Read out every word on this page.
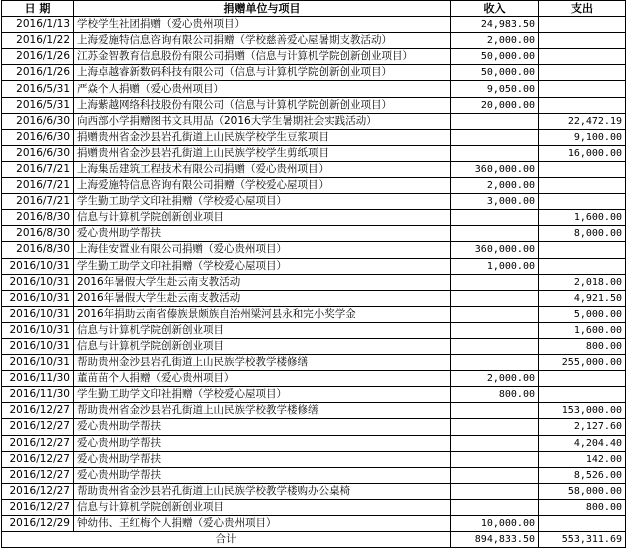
日 期	捐赠单位与项目	收入	支出
2016/1/13	学校学生社团捐赠（爱心贵州项目）	24,983.50	
2016/1/22	上海爱施特信息咨询有限公司捐赠（学校慈善爱心屋暑期支教活动）	2,000.00	
2016/1/26	江苏金智教育信息股份有限公司捐赠（信息与计算机学院创新创业项目）	50,000.00	
2016/1/26	上海卓越睿新数码科技有限公司（信息与计算机学院创新创业项目）	50,000.00	
2016/5/31	严焱个人捐赠（爱心贵州项目）	9,050.00	
2016/5/31	上海紫越网络科技股份有限公司（信息与计算机学院创新创业项目）	20,000.00	
2016/6/30	向西部小学捐赠图书文具用品（2016大学生暑期社会实践活动）		22,472.19
2016/6/30	捐赠贵州省金沙县岩孔街道上山民族学校学生豆浆项目		9,100.00
2016/6/30	捐赠贵州省金沙县岩孔街道上山民族学校学生剪纸项目		16,000.00
2016/7/21	上海集岳建筑工程技术有限公司捐赠（爱心贵州项目）	360,000.00	
2016/7/21	上海爱施特信息咨询有限公司捐赠（学校爱心屋项目）	2,000.00	
2016/7/21	学生勤工助学文印社捐赠（学校爱心屋项目）	3,000.00	
2016/8/30	信息与计算机学院创新创业项目		1,600.00
2016/8/30	爱心贵州助学帮扶		8,000.00
2016/8/30	上海佳安置业有限公司捐赠（爱心贵州项目）	360,000.00	
2016/10/31	学生勤工助学文印社捐赠（学校爱心屋项目）	1,000.00	
2016/10/31	2016年暑假大学生赴云南支教活动		2,018.00
2016/10/31	2016年暑假大学生赴云南支教活动		4,921.50
2016/10/31	2016年捐助云南省傣族景颇族自治州梁河县永和完小奖学金		5,000.00
2016/10/31	信息与计算机学院创新创业项目		1,600.00
2016/10/31	信息与计算机学院创新创业项目		800.00
2016/10/31	帮助贵州金沙县岩孔街道上山民族学校教学楼修缮		255,000.00
2016/11/30	董苗苗个人捐赠（爱心贵州项目）	2,000.00	
2016/11/30	学生勤工助学文印社捐赠（学校爱心屋项目）	800.00	
2016/12/27	帮助贵州省金沙县岩孔街道上山民族学校教学楼修缮		153,000.00
2016/12/27	爱心贵州助学帮扶		2,127.60
2016/12/27	爱心贵州助学帮扶		4,204.40
2016/12/27	爱心贵州助学帮扶		142.00
2016/12/27	爱心贵州助学帮扶		8,526.00
2016/12/27	帮助贵州省金沙县岩孔街道上山民族学校教学楼购办公桌椅		58,000.00
2016/12/27	信息与计算机学院创新创业项目		800.00
2016/12/29	钟幼伟、王红梅个人捐赠（爱心贵州项目）	10,000.00	
合计		894,833.50	553,311.69
